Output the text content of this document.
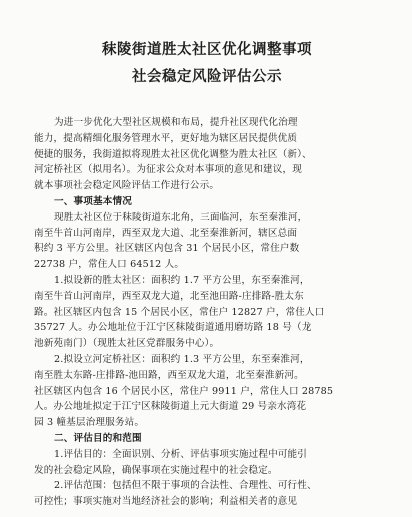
秣陵街道胜太社区优化调整事项
社会稳定风险评估公示
为进一步优化大型社区规模和布局，提升社区现代化治理
能力，提高精细化服务管理水平，更好地为辖区居民提供优质
便捷的服务，我街道拟将现胜太社区优化调整为胜太社区（新）、
河定桥社区（拟用名）。为征求公众对本事项的意见和建议，现
就本事项社会稳定风险评估工作进行公示。
一、事项基本情况
现胜太社区位于秣陵街道东北角，三面临河，东至秦淮河，
南至牛首山河南岸，西至双龙大道、北至秦淮新河，辖区总面
积约 3 平方公里。社区辖区内包含 31 个居民小区，常住户数
22738 户，常住人口 64512 人。
1.拟设新的胜太社区：面积约 1.7 平方公里，东至秦淮河，
南至牛首山河南岸，西至双龙大道，北至池田路-庄排路-胜太东
路。社区辖区内包含 15 个居民小区，常住户 12827 户，常住人口
35727 人。办公地址位于江宁区秣陵街道通用磨坊路 18 号（龙
池新苑南门）（现胜太社区党群服务中心）。
2.拟设立河定桥社区：面积约 1.3 平方公里，东至秦淮河，
南至胜太东路-庄排路-池田路，西至双龙大道，北至秦淮新河。
社区辖区内包含 16 个居民小区，常住户 9911 户，常住人口 28785
人。办公地址拟定于江宁区秣陵街道上元大街道 29 号亲水湾花
园 3 幢基层治理服务站。
二、评估目的和范围
1.评估目的：全面识别、分析、评估事项实施过程中可能引
发的社会稳定风险，确保事项在实施过程中的社会稳定。
2.评估范围：包括但不限于事项的合法性、合理性、可行性、
可控性；事项实施对当地经济社会的影响；利益相关者的意见
